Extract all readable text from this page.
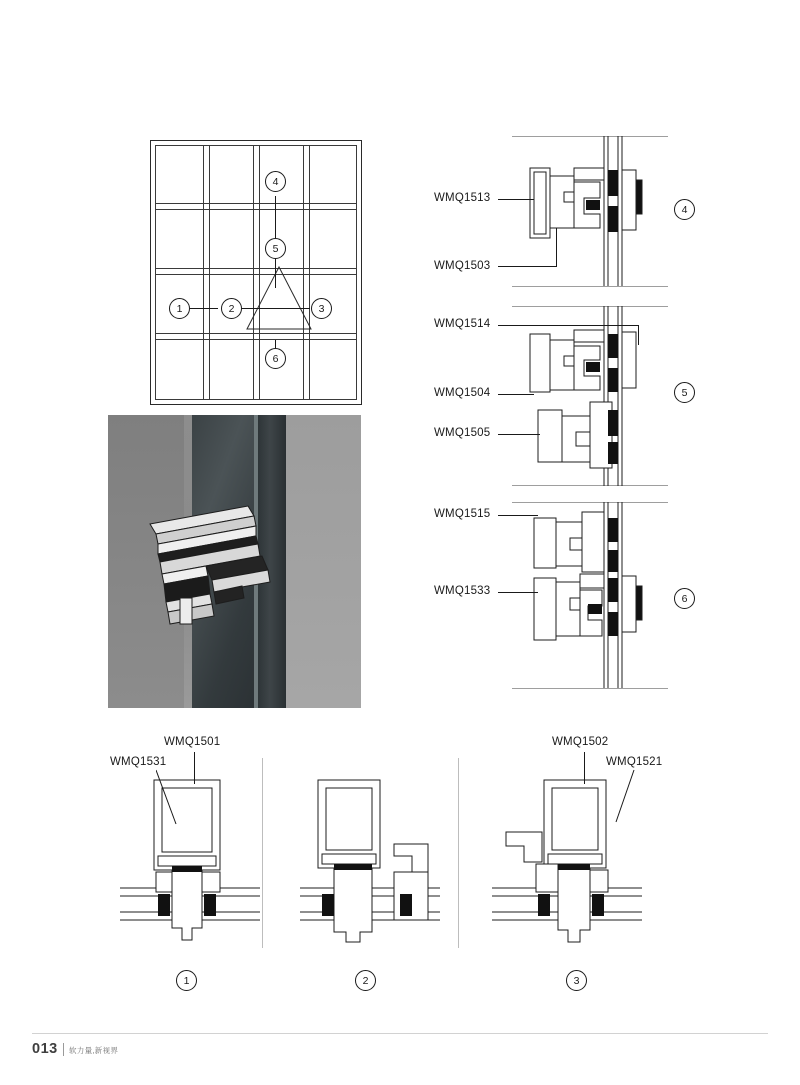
4
5
1	2	3
6
WMQ1513
WMQ1503
WMQ1514
WMQ1504
WMQ1505
WMQ1515
WMQ1533
4
5
6
WMQ1501
WMQ1531
WMQ1502
WMQ1521
1	2	3
013 软力量,新视界
